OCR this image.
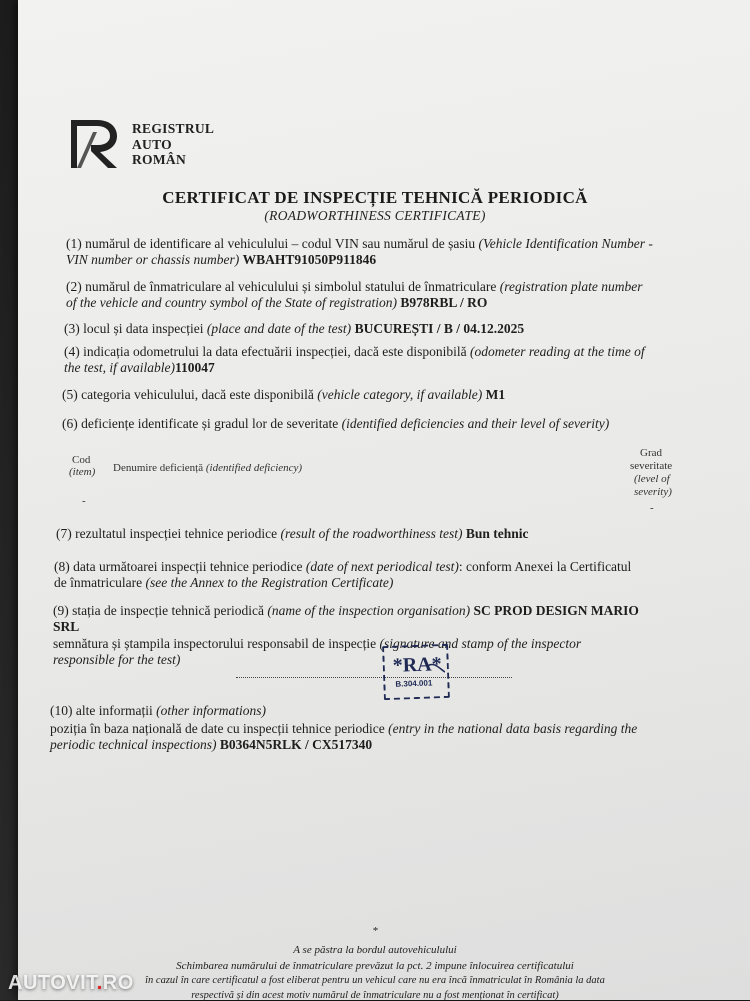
REGISTRUL
AUTO
ROMÂN
CERTIFICAT DE INSPECȚIE TEHNICĂ PERIODICĂ
(ROADWORTHINESS CERTIFICATE)
(1) numărul de identificare al vehiculului – codul VIN sau numărul de șasiu (Vehicle Identification Number -
VIN number or chassis number) WBAHT91050P911846
(2) numărul de înmatriculare al vehiculului și simbolul statului de înmatriculare (registration plate number
of the vehicle and country symbol of the State of registration) B978RBL / RO
(3) locul și data inspecției (place and date of the test) BUCUREȘTI / B / 04.12.2025
(4) indicația odometrului la data efectuării inspecției, dacă este disponibilă (odometer reading at the time of
the test, if available)110047
(5) categoria vehiculului, dacă este disponibilă (vehicle category, if available) M1
(6) deficiențe identificate și gradul lor de severitate (identified deficiencies and their level of severity)
Cod
(item) Denumire deficiență (identified deficiency)
Grad
severitate
(level of
severity)
-
-
(7) rezultatul inspecției tehnice periodice (result of the roadworthiness test) Bun tehnic
(8) data următoarei inspecții tehnice periodice (date of next periodical test): conform Anexei la Certificatul
de înmatriculare (see the Annex to the Registration Certificate)
(9) stația de inspecție tehnică periodică (name of the inspection organisation) SC PROD DESIGN MARIO
SRL
semnătura și ștampila inspectorului responsabil de inspecție (signature and stamp of the inspector
responsible for the test)	*RA*
B.304.001
(10) alte informații (other informations)
poziția în baza națională de date cu inspecții tehnice periodice (entry in the national data basis regarding the
periodic technical inspections) B0364N5RLK / CX517340
*
A se păstra la bordul autovehiculului
Schimbarea numărului de înmatriculare prevăzut la pct. 2 impune înlocuirea certificatului
în cazul în care certificatul a fost eliberat pentru un vehicul care nu era încă înmatriculat în România la data
respectivă și din acest motiv numărul de înmatriculare nu a fost menționat în certificat)
AUTOVIT.RO
